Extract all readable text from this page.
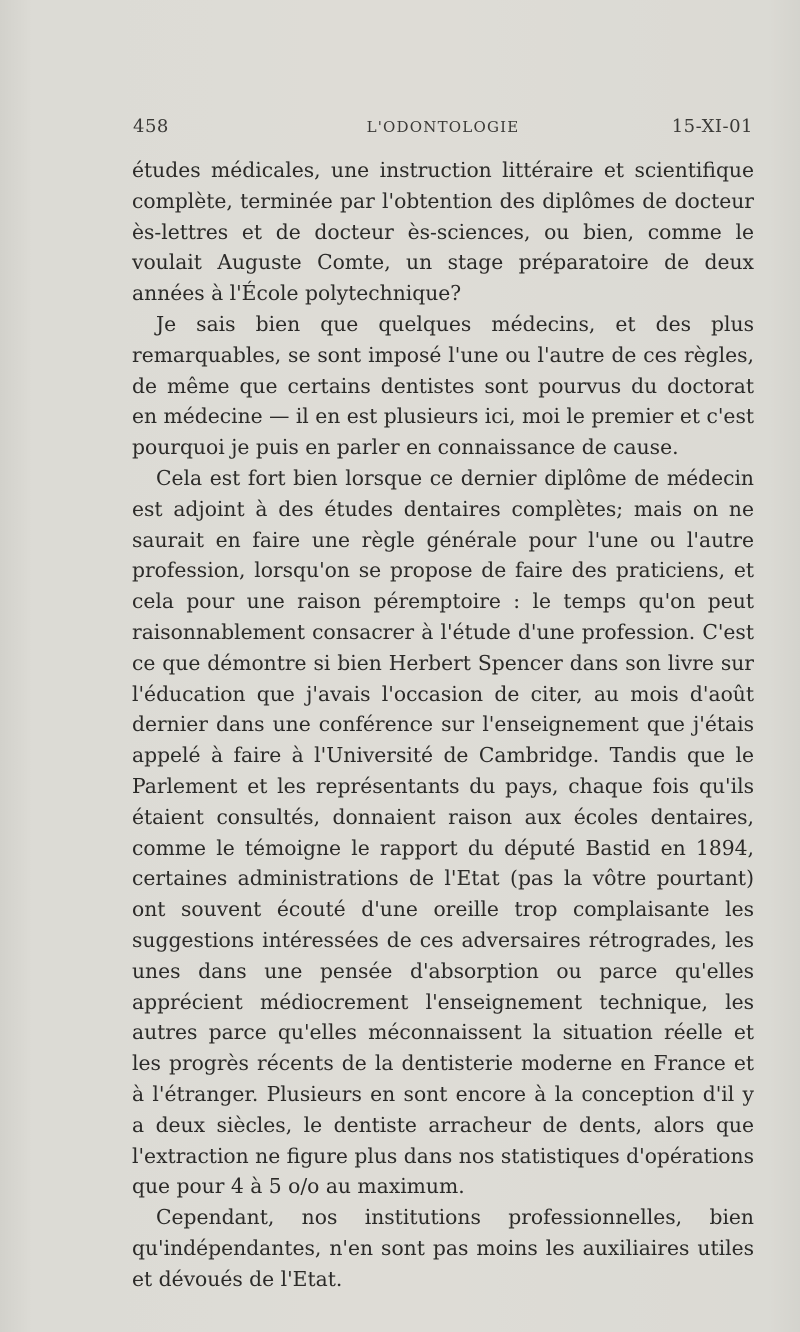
458	L'ODONTOLOGIE	15-XI-01

études médicales, une instruction littéraire et scientifique complète, terminée par l'obtention des diplômes de docteur ès-lettres et de docteur ès-sciences, ou bien, comme le voulait Auguste Comte, un stage préparatoire de deux années à l'École polytechnique?

Je sais bien que quelques médecins, et des plus remarquables, se sont imposé l'une ou l'autre de ces règles, de même que certains dentistes sont pourvus du doctorat en médecine — il en est plusieurs ici, moi le premier et c'est pourquoi je puis en parler en connaissance de cause.

Cela est fort bien lorsque ce dernier diplôme de médecin est adjoint à des études dentaires complètes; mais on ne saurait en faire une règle générale pour l'une ou l'autre profession, lorsqu'on se propose de faire des praticiens, et cela pour une raison péremptoire : le temps qu'on peut raisonnablement consacrer à l'étude d'une profession. C'est ce que démontre si bien Herbert Spencer dans son livre sur l'éducation que j'avais l'occasion de citer, au mois d'août dernier dans une conférence sur l'enseignement que j'étais appelé à faire à l'Université de Cambridge. Tandis que le Parlement et les représentants du pays, chaque fois qu'ils étaient consultés, donnaient raison aux écoles dentaires, comme le témoigne le rapport du député Bastid en 1894, certaines administrations de l'Etat (pas la vôtre pourtant) ont souvent écouté d'une oreille trop complaisante les suggestions intéressées de ces adversaires rétrogrades, les unes dans une pensée d'absorption ou parce qu'elles apprécient médiocrement l'enseignement technique, les autres parce qu'elles méconnaissent la situation réelle et les progrès récents de la dentisterie moderne en France et à l'étranger. Plusieurs en sont encore à la conception d'il y a deux siècles, le dentiste arracheur de dents, alors que l'extraction ne figure plus dans nos statistiques d'opérations que pour 4 à 5 o/o au maximum.

Cependant, nos institutions professionnelles, bien qu'indépendantes, n'en sont pas moins les auxiliaires utiles et dévoués de l'Etat.
